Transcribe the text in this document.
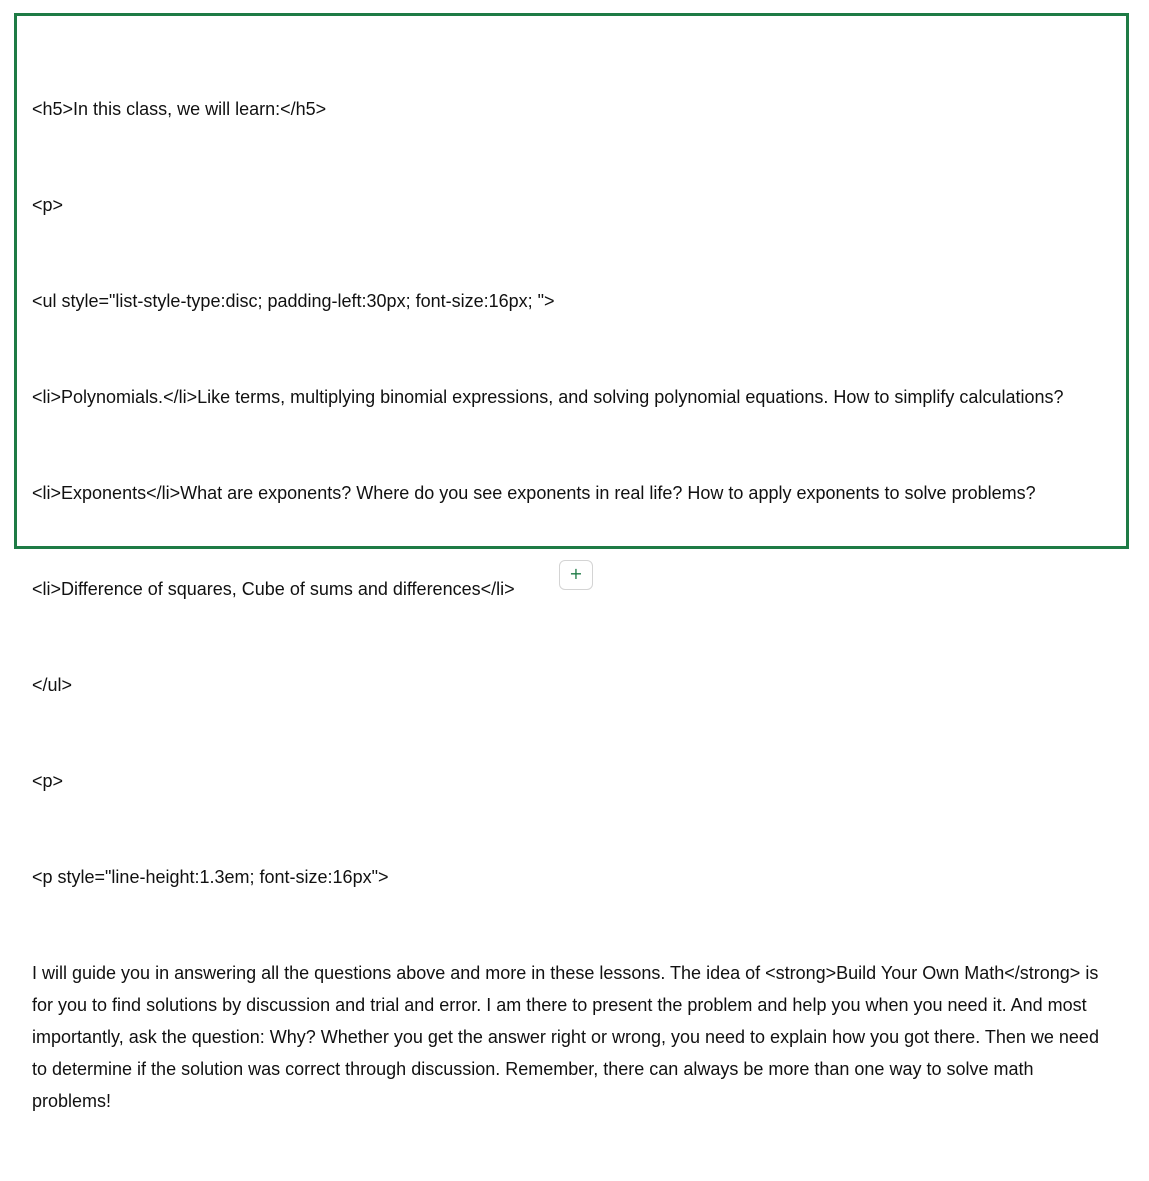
<h5>In this class, we will learn:</h5>

<p>

<ul style="list-style-type:disc; padding-left:30px; font-size:16px; ">

<li>Polynomials.</li>Like terms, multiplying binomial expressions, and solving polynomial equations. How to simplify calculations?

<li>Exponents</li>What are exponents? Where do you see exponents in real life? How to apply exponents to solve problems?

<li>Difference of squares, Cube of sums and differences</li>

</ul>

<p>

<p style="line-height:1.3em; font-size:16px">

I will guide you in answering all the questions above and more in these lessons. The idea of <strong>Build Your Own Math</strong> is for you to find solutions by discussion and trial and error. I am there to present the problem and help you when you need it. And most importantly, ask the question: Why? Whether you get the answer right or wrong, you need to explain how you got there. Then we need to determine if the solution was correct through discussion. Remember, there can always be more than one way to solve math problems!

+
